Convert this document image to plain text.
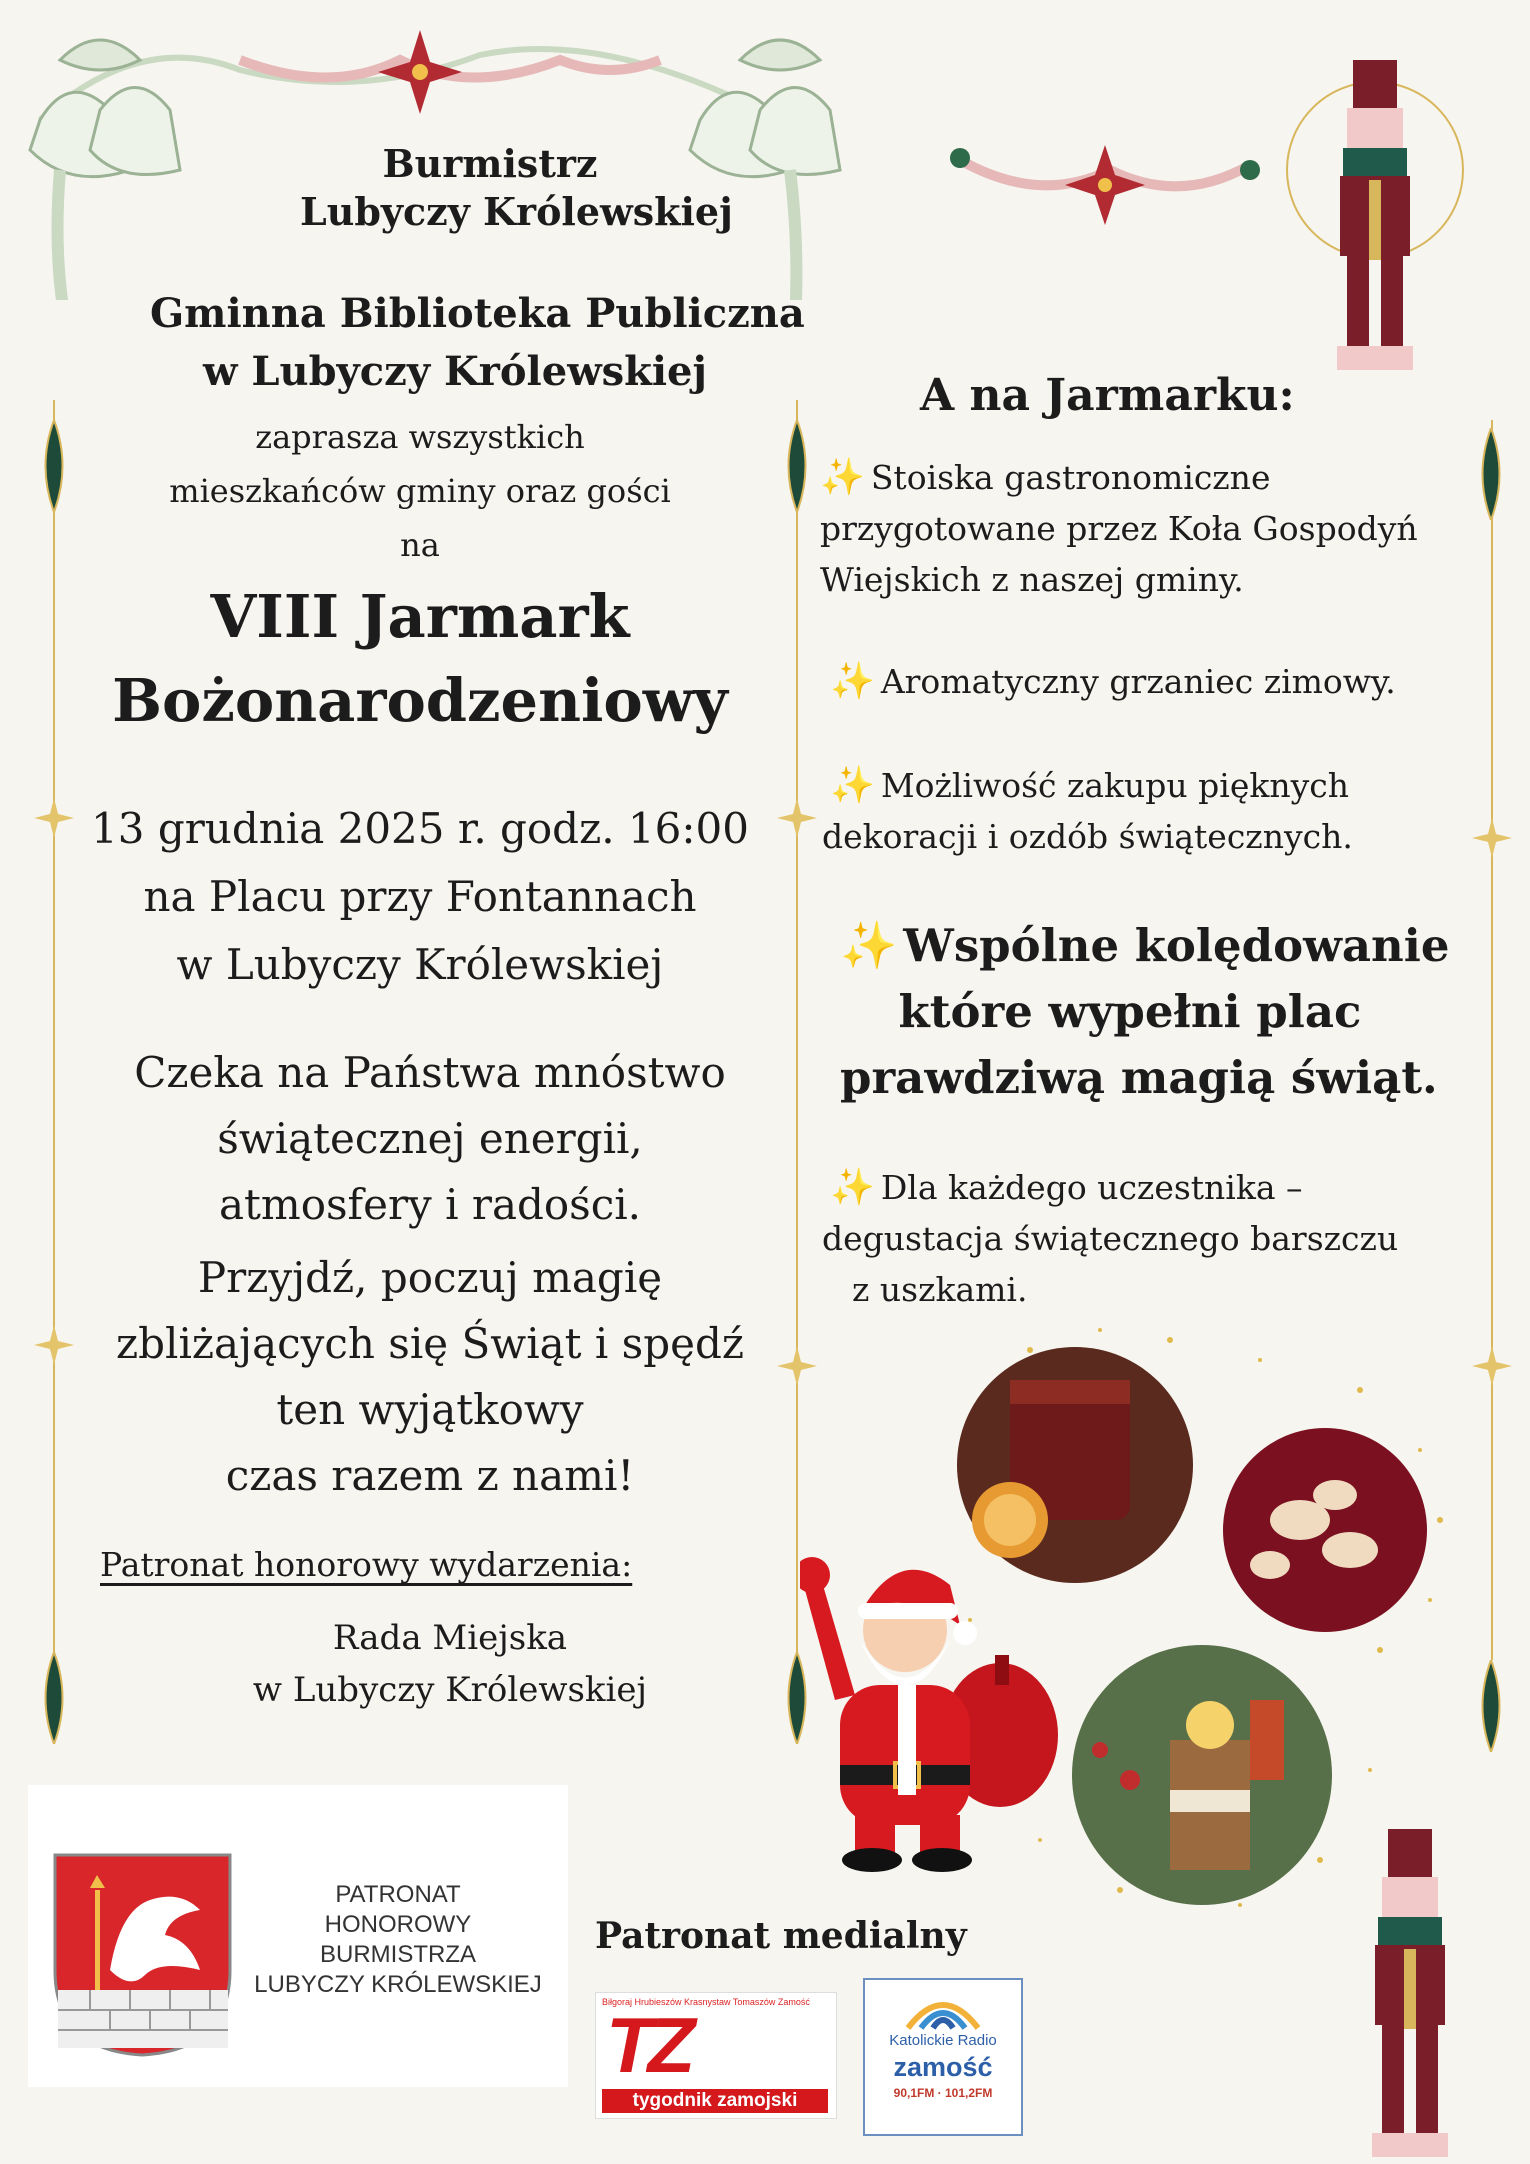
Burmistrz
Lubyczy Królewskiej
Gminna Biblioteka Publiczna
w Lubyczy Królewskiej
zaprasza wszystkich
mieszkańców gminy oraz gości
na
VIII Jarmark
Bożonarodzeniowy
13 grudnia 2025 r. godz. 16:00
na Placu przy Fontannach
w Lubyczy Królewskiej
Czeka na Państwa mnóstwo
świątecznej energii,
atmosfery i radości.
Przyjdź, poczuj magię
zbliżających się Świąt i spędź
ten wyjątkowy
czas razem z nami!
Patronat honorowy wydarzenia:
Rada Miejska
w Lubyczy Królewskiej
A na Jarmarku:
✨ Stoiska gastronomiczne
przygotowane przez Koła Gospodyń
Wiejskich z naszej gminy.
✨ Aromatyczny grzaniec zimowy.
✨ Możliwość zakupu pięknych
dekoracji i ozdób świątecznych.
✨ Wspólne kolędowanie
które wypełni plac
prawdziwą magią świąt.
✨ Dla każdego uczestnika –
degustacja świątecznego barszczu
z uszkami.
PATRONAT
HONOROWY BURMISTRZA
LUBYCZY KRÓLEWSKIEJ
Patronat medialny
Biłgoraj Hrubieszów Krasnystaw Tomaszów Zamość
TZ
tygodnik zamojski
Katolickie Radio
zamość
90,1FM · 101,2FM
